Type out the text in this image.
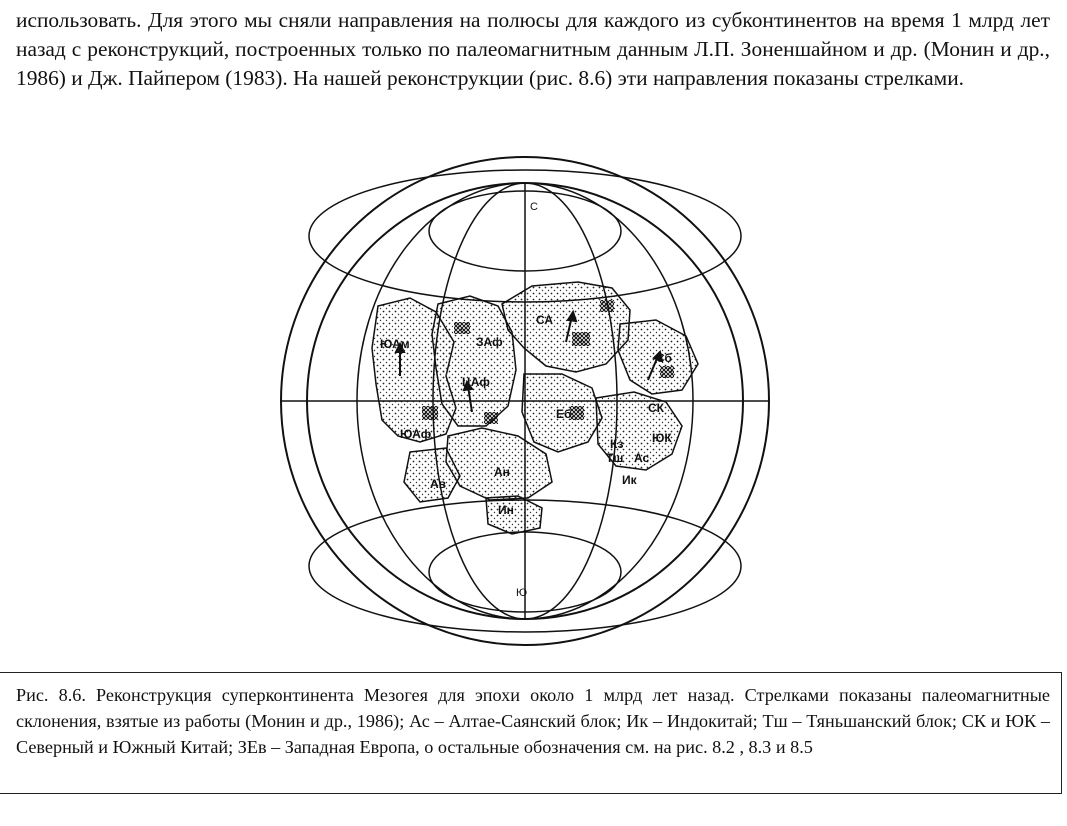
использовать. Для этого мы сняли направления на полюсы для каждого из субконтинентов на время 1 млрд лет назад с реконструкций, построенных только по палеомагнитным данным Л.П. Зоненшайном и др. (Монин и др., 1986) и Дж. Пайпером (1983). На нашей реконструкции (рис. 8.6) эти направления показаны стрелками.

С
Ю
СА
ЗАф
ЦАф
ЮАм
ЮАф
Ав
Ан
Ин
Еб
Сб
СК
ЮК
Кз
Тш Ас
Ик

Рис. 8.6. Реконструкция суперконтинента Мезогея для эпохи около 1 млрд лет назад. Стрелками показаны палеомагнитные склонения, взятые из работы (Монин и др., 1986); Ас – Алтае-Саянский блок; Ик – Индокитай; Тш – Тяньшанский блок; СК и ЮК – Северный и Южный Китай; ЗЕв – Западная Европа, о остальные обозначения см. на рис. 8.2 , 8.3 и 8.5
